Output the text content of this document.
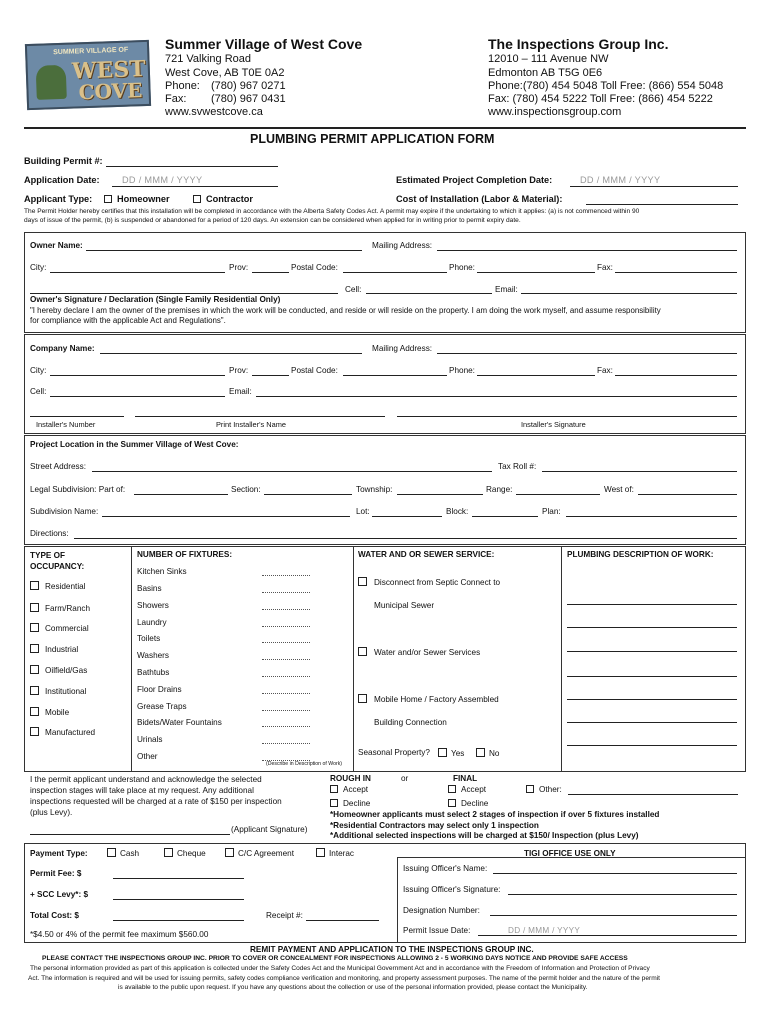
SUMMER VILLAGE OF
WEST
COVE
Summer Village of West Cove
721 Valking Road
West Cove, AB T0E 0A2
Phone: (780) 967 0271
Fax: (780) 967 0431
www.svwestcove.ca
The Inspections Group Inc.
12010 – 111 Avenue NW
Edmonton AB T5G 0E6
Phone:(780) 454 5048 Toll Free: (866) 554 5048
Fax: (780) 454 5222 Toll Free: (866) 454 5222
www.inspectionsgroup.com
PLUMBING PERMIT APPLICATION FORM
Building Permit #:
Application Date: DD / MMM / YYYY	Estimated Project Completion Date:	DD / MMM / YYYY
Applicant Type:	Homeowner	Contractor	Cost of Installation (Labor & Material):
The Permit Holder hereby certifies that this installation will be completed in accordance with the Alberta Safety Codes Act. A permit may expire if the undertaking to which it applies: (a) is not commenced within 90
days of issue of the permit, (b) is suspended or abandoned for a period of 120 days. An extension can be considered when applied for in writing prior to permit expiry date.
Owner Name:	Mailing Address:
City:	Prov:	Postal Code:	Phone:	Fax:
Cell:	Email:
Owner's Signature / Declaration (Single Family Residential Only)
"I hereby declare I am the owner of the premises in which the work will be conducted, and reside or will reside on the property. I am doing the work myself, and assume responsibility
for compliance with the applicable Act and Regulations".
Company Name:	Mailing Address:
City:	Prov:	Postal Code:	Phone:	Fax:
Cell:	Email:
Installer's Number	Print Installer's Name	Installer's Signature
Project Location in the Summer Village of West Cove:
Street Address:	Tax Roll #:
Legal Subdivision: Part of:	Section:	Township:	Range:	West of:
Subdivision Name:	Lot:	Block:	Plan:
Directions:
TYPE OF OCCUPANCY:
Residential
Farm/Ranch
Commercial
Industrial
Oilfield/Gas
Institutional
Mobile
Manufactured
NUMBER OF FIXTURES:
Kitchen Sinks
Basins
Showers
Laundry
Toilets
Washers
Bathtubs
Floor Drains
Grease Traps
Bidets/Water Fountains
Urinals
Other
(Describe in Description of Work)
WATER AND OR SEWER SERVICE:
Disconnect from Septic Connect to
Municipal Sewer
Water and/or Sewer Services
Mobile Home / Factory Assembled
Building Connection
Seasonal Property?	Yes	No
PLUMBING DESCRIPTION OF WORK:
I the permit applicant understand and acknowledge the selected
inspection stages will take place at my request. Any additional
inspections requested will be charged at a rate of $150 per inspection
(plus Levy).
(Applicant Signature)
ROUGH IN	or	FINAL
Accept	Accept	Other:
Decline	Decline
*Homeowner applicants must select 2 stages of inspection if over 5 fixtures installed
*Residential Contractors may select only 1 inspection
*Additional selected inspections will be charged at $150/ Inspection (plus Levy)
Payment Type:	Cash	Cheque	C/C Agreement	Interac
Permit Fee: $
+ SCC Levy*: $
Total Cost: $	Receipt #:
*$4.50 or 4% of the permit fee maximum $560.00
TIGI OFFICE USE ONLY
Issuing Officer's Name:
Issuing Officer's Signature:
Designation Number:
Permit Issue Date:	DD / MMM / YYYY
REMIT PAYMENT AND APPLICATION TO THE INSPECTIONS GROUP INC.
PLEASE CONTACT THE INSPECTIONS GROUP INC. PRIOR TO COVER OR CONCEALMENT FOR INSPECTIONS ALLOWING 2 - 5 WORKING DAYS NOTICE AND PROVIDE SAFE ACCESS
The personal information provided as part of this application is collected under the Safety Codes Act and the Municipal Government Act and in accordance with the Freedom of Information and Protection of Privacy
Act. The information is required and will be used for issuing permits, safety codes compliance verification and monitoring, and property assessment purposes. The name of the permit holder and the nature of the permit
is available to the public upon request. If you have any questions about the collection or use of the personal information provided, please contact the Municipality.
